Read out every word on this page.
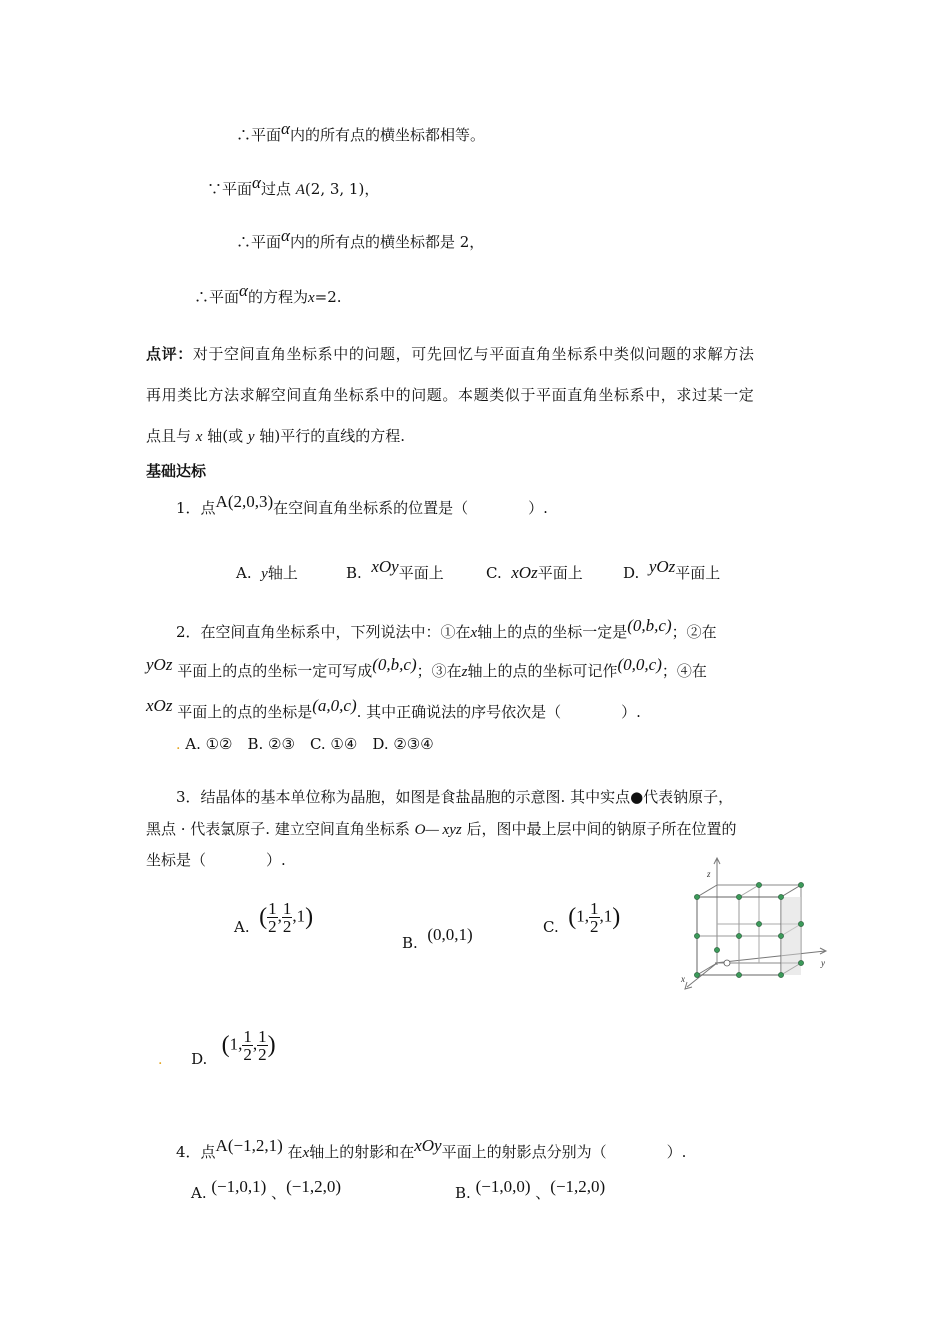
∴平面α内的所有点的横坐标都相等。
∵平面α过点 A(2, 3, 1)，
∴平面α内的所有点的横坐标都是 2，
∴平面α的方程为x=2.
点评：对于空间直角坐标系中的问题，可先回忆与平面直角坐标系中类似问题的求解方法
再用类比方法求解空间直角坐标系中的问题。本题类似于平面直角坐标系中，求过某一定
点且与 x 轴(或 y 轴)平行的直线的方程.
基础达标
1．点A(2,0,3)在空间直角坐标系的位置是（　　　　）.
A. y轴上	B. xOy平面上	C. xOz平面上	D. yOz平面上
2．在空间直角坐标系中，下列说法中：①在x轴上的点的坐标一定是(0,b,c)；②在
yOz 平面上的点的坐标一定可写成(0,b,c)；③在z轴上的点的坐标可记作(0,0,c)；④在
xOz 平面上的点的坐标是(a,0,c). 其中正确说法的序号依次是（　　　　）.
. A. ①②　B. ②③　C. ①④　D. ②③④
3．结晶体的基本单位称为晶胞，如图是食盐晶胞的示意图. 其中实点●代表钠原子，
黑点 · 代表氯原子. 建立空间直角坐标系 O— xyz 后，图中最上层中间的钠原子所在位置的
坐标是（　　　　）.
A. ( $\frac{1}{2}$ , $\frac{1}{2} ,1$)
B. (0,0,1)	C. (1, $\frac{1}{2} ,1$)
. D.   (1, $\frac{1}{2}$ , $\frac{1}{2}$ )
z
y
x
4．点A(−1,2,1) 在x轴上的射影和在xOy平面上的射影点分别为（　　　　）.
A. (−1,0,1) 、(−1,2,0)	B. (−1,0,0) 、(−1,2,0)
